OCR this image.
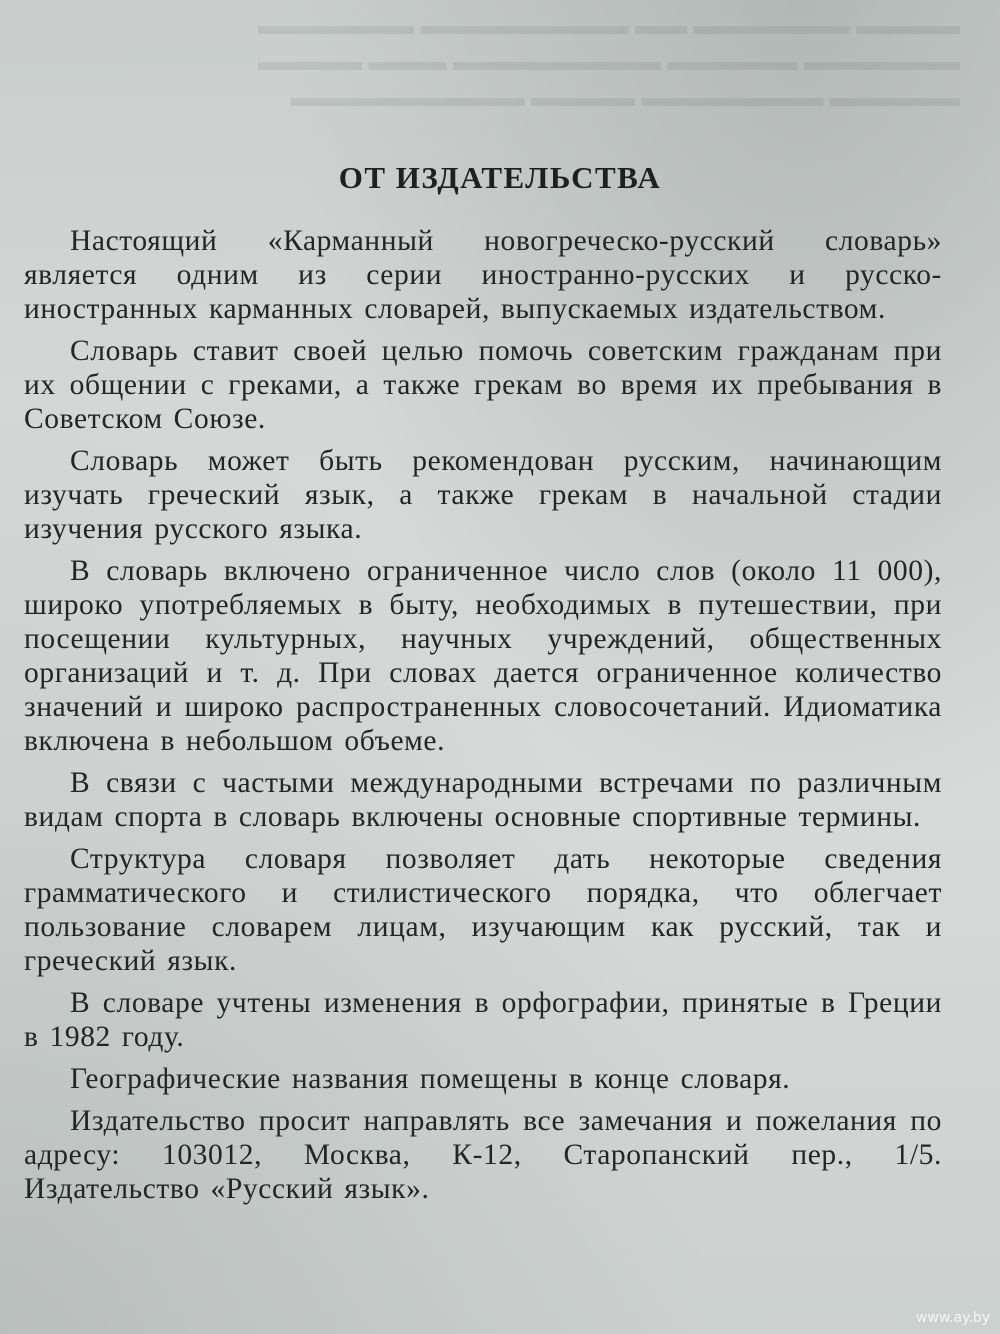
▬▬▬▬ ▬▬▬▬▬▬ ▬▬ ▬▬▬▬▬▬▬▬ ▬▬▬▬▬▬
▬▬▬▬▬▬ ▬▬▬▬▬ ▬▬▬▬▬▬▬▬ ▬▬▬ ▬▬▬▬
▬▬▬▬▬ ▬▬▬▬▬▬▬ ▬▬▬▬ ▬▬▬▬▬▬▬▬▬
ОТ ИЗДАТЕЛЬСТВА

Настоящий «Карманный новогреческо-русский словарь» является одним из серии иностранно-русских и русско-иностранных карманных словарей, выпускаемых издательством.

Словарь ставит своей целью помочь советским гражданам при их общении с греками, а также грекам во время их пребывания в Советском Союзе.

Словарь может быть рекомендован русским, начинающим изучать греческий язык, а также грекам в начальной стадии изучения русского языка.

В словарь включено ограниченное число слов (около 11 000), широко употребляемых в быту, необходимых в путешествии, при посещении культурных, научных учреждений, общественных организаций и т. д. При словах дается ограниченное количество значений и широко распространенных словосочетаний. Идиоматика включена в небольшом объеме.

В связи с частыми международными встречами по различным видам спорта в словарь включены основные спортивные термины.

Структура словаря позволяет дать некоторые сведения грамматического и стилистического порядка, что облегчает пользование словарем лицам, изучающим как русский, так и греческий язык.

В словаре учтены изменения в орфографии, принятые в Греции в 1982 году.

Географические названия помещены в конце словаря.

Издательство просит направлять все замечания и пожелания по адресу: 103012, Москва, К-12, Старопанский пер., 1/5. Издательство «Русский язык».

www.ay.by
